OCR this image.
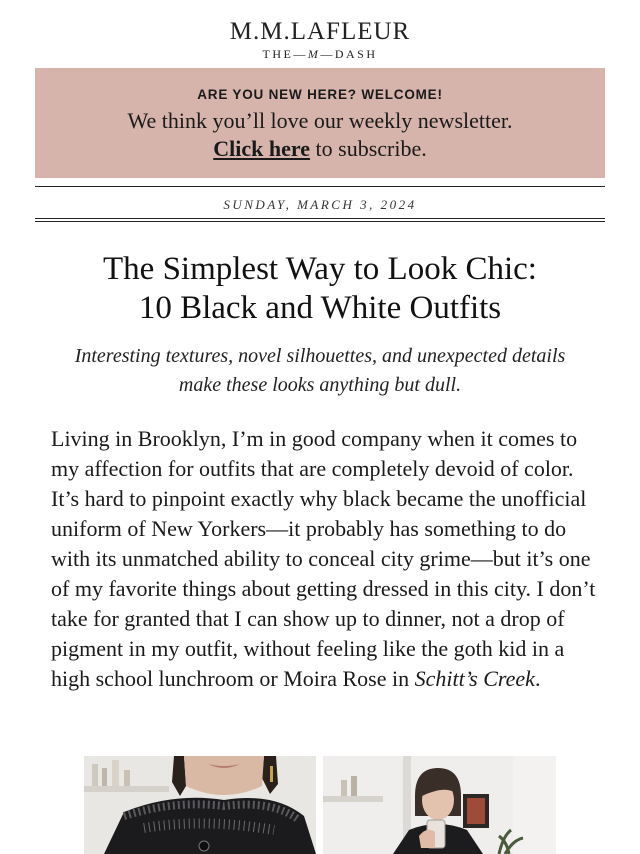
M.M.LAFLEUR
THE—M—DASH
ARE YOU NEW HERE? WELCOME!
We think you’ll love our weekly newsletter.
Click here to subscribe.
SUNDAY, MARCH 3, 2024
The Simplest Way to Look Chic:
10 Black and White Outfits
Interesting textures, novel silhouettes, and unexpected details make these looks anything but dull.
Living in Brooklyn, I’m in good company when it comes to my affection for outfits that are completely devoid of color. It’s hard to pinpoint exactly why black became the unofficial uniform of New Yorkers—it probably has something to do with its unmatched ability to conceal city grime—but it’s one of my favorite things about getting dressed in this city. I don’t take for granted that I can show up to dinner, not a drop of pigment in my outfit, without feeling like the goth kid in a high school lunchroom or Moira Rose in Schitt’s Creek.
